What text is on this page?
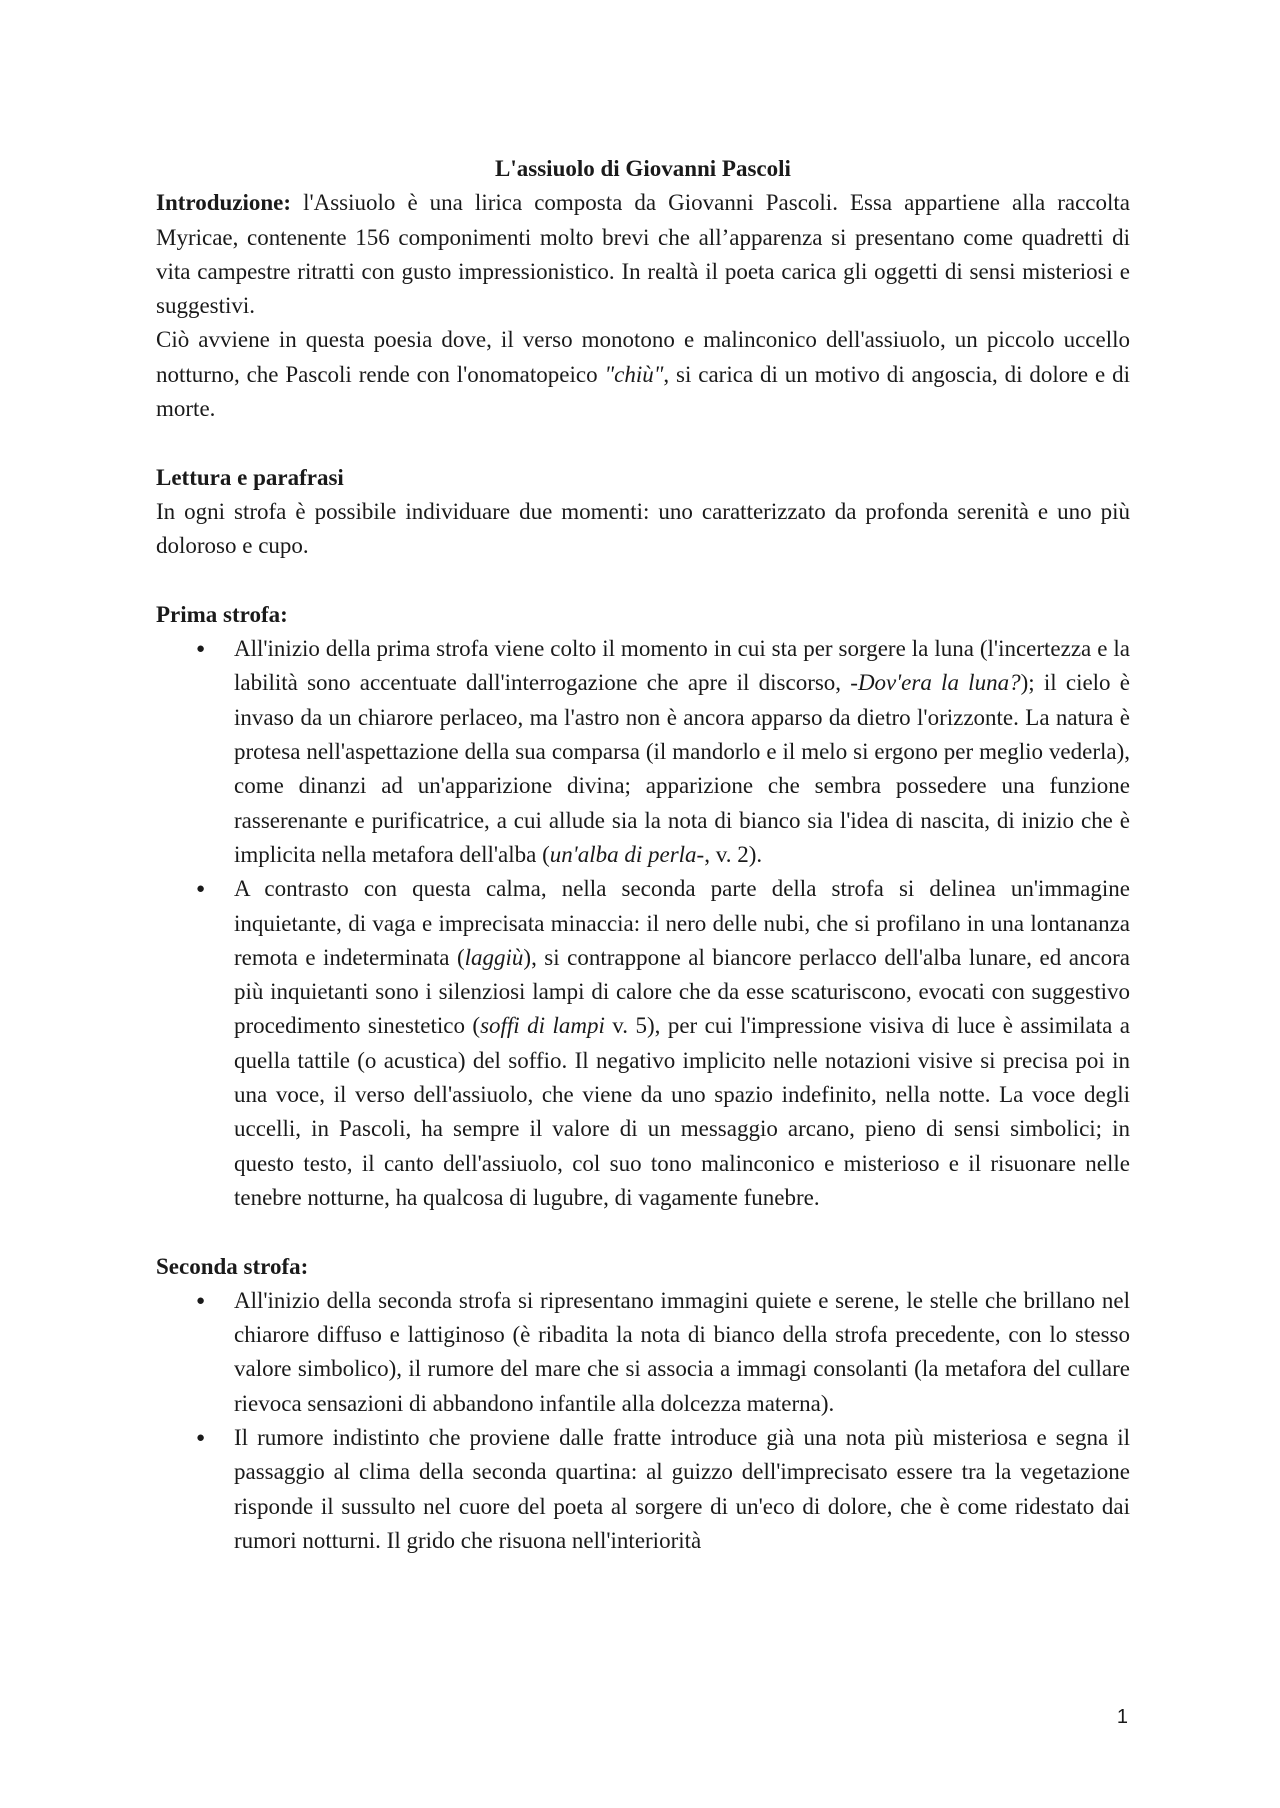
L'assiuolo di Giovanni Pascoli

Introduzione: l'Assiuolo è una lirica composta da Giovanni Pascoli. Essa appartiene alla raccolta Myricae, contenente 156 componimenti molto brevi che all’apparenza si presentano come quadretti di vita campestre ritratti con gusto impressionistico. In realtà il poeta carica gli oggetti di sensi misteriosi e suggestivi.

Ciò avviene in questa poesia dove, il verso monotono e malinconico dell'assiuolo, un piccolo uccello notturno, che Pascoli rende con l'onomatopeico "chiù", si carica di un motivo di angoscia, di dolore e di morte.

Lettura e parafrasi

In ogni strofa è possibile individuare due momenti: uno caratterizzato da profonda serenità e uno più doloroso e cupo.

Prima strofa:
● All'inizio della prima strofa viene colto il momento in cui sta per sorgere la luna (l'incertezza e la labilità sono accentuate dall'interrogazione che apre il discorso, -Dov'era la luna?); il cielo è invaso da un chiarore perlaceo, ma l'astro non è ancora apparso da dietro l'orizzonte. La natura è protesa nell'aspettazione della sua comparsa (il mandorlo e il melo si ergono per meglio vederla), come dinanzi ad un'apparizione divina; apparizione che sembra possedere una funzione rasserenante e purificatrice, a cui allude sia la nota di bianco sia l'idea di nascita, di inizio che è implicita nella metafora dell'alba (un'alba di perla-, v. 2).
● A contrasto con questa calma, nella seconda parte della strofa si delinea un'immagine inquietante, di vaga e imprecisata minaccia: il nero delle nubi, che si profilano in una lontananza remota e indeterminata (laggiù), si contrappone al biancore perlacco dell'alba lunare, ed ancora più inquietanti sono i silenziosi lampi di calore che da esse scaturiscono, evocati con suggestivo procedimento sinestetico (soffi di lampi v. 5), per cui l'impressione visiva di luce è assimilata a quella tattile (o acustica) del soffio. Il negativo implicito nelle notazioni visive si precisa poi in una voce, il verso dell'assiuolo, che viene da uno spazio indefinito, nella notte. La voce degli uccelli, in Pascoli, ha sempre il valore di un messaggio arcano, pieno di sensi simbolici; in questo testo, il canto dell'assiuolo, col suo tono malinconico e misterioso e il risuonare nelle tenebre notturne, ha qualcosa di lugubre, di vagamente funebre.
Seconda strofa:
● All'inizio della seconda strofa si ripresentano immagini quiete e serene, le stelle che brillano nel chiarore diffuso e lattiginoso (è ribadita la nota di bianco della strofa precedente, con lo stesso valore simbolico), il rumore del mare che si associa a immagi consolanti (la metafora del cullare rievoca sensazioni di abbandono infantile alla dolcezza materna).
● Il rumore indistinto che proviene dalle fratte introduce già una nota più misteriosa e segna il passaggio al clima della seconda quartina: al guizzo dell'imprecisato essere tra la vegetazione risponde il sussulto nel cuore del poeta al sorgere di un'eco di dolore, che è come ridestato dai rumori notturni. Il grido che risuona nell'interiorità
1
